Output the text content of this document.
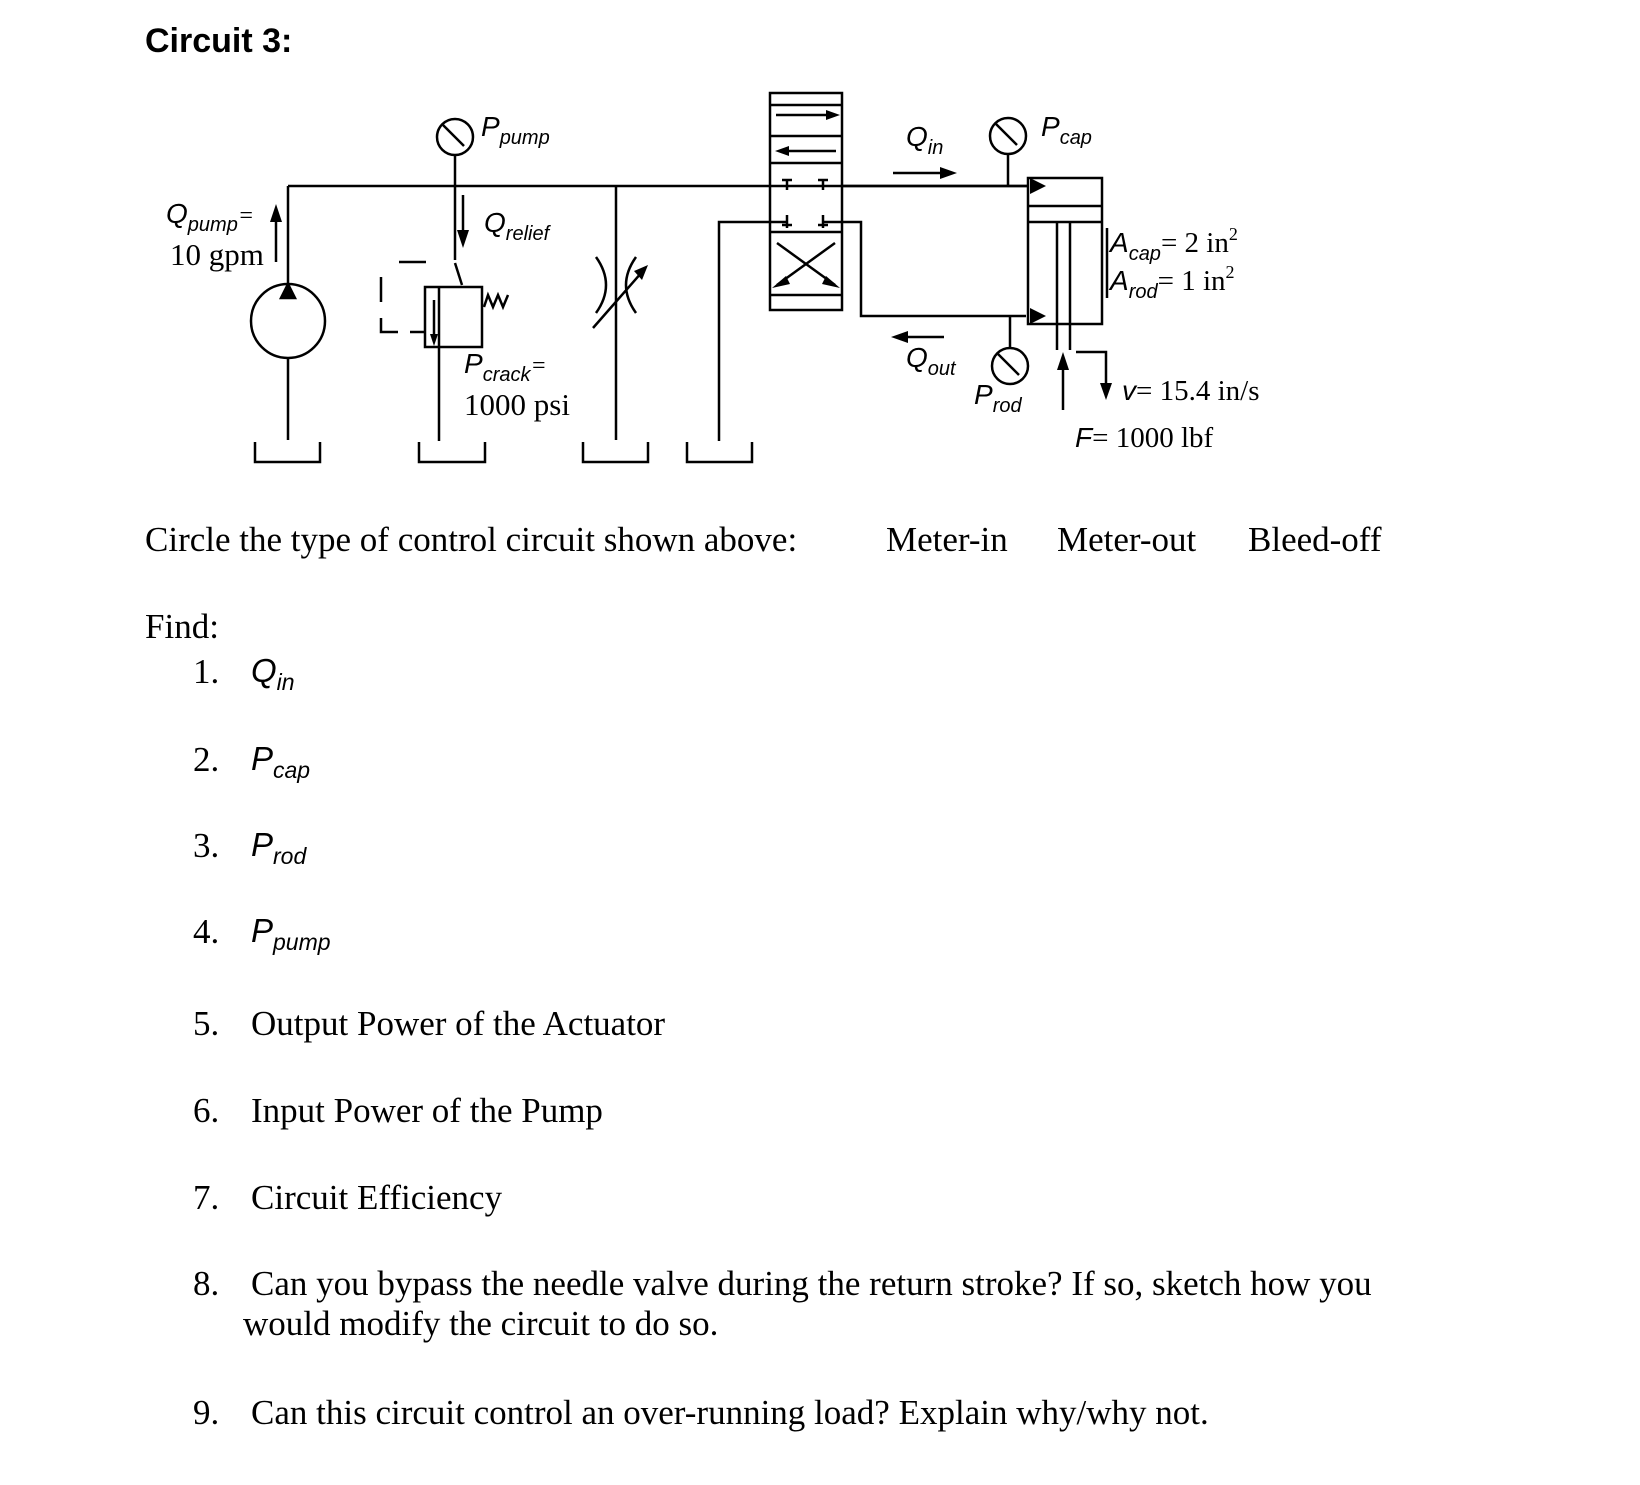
Circuit 3:
$P_{pump}$
$Q_{relief}$
$Q_{pump}=$
10 gpm
$P_{crack}=$
1000 psi
$Q_{in}$
$Q_{out}$
$P_{cap}$
$P_{rod}$
$A_{cap}= 2$ $in^2$
$A_{rod}= 1$ $in^2$
v= 15.4 in/s
F= 1000 lbf
Circle the type of control circuit shown above:	Meter-in Meter-out Bleed-off
Find:
1. $Q_{in}$
2. $P_{cap}$
3. $P_{rod}$
4. $P_{pump}$
5. Output Power of the Actuator
6. Input Power of the Pump
7. Circuit Efficiency
8. Can you bypass the needle valve during the return stroke? If so, sketch how you
would modify the circuit to do so.
9. Can this circuit control an over-running load? Explain why/why not.
